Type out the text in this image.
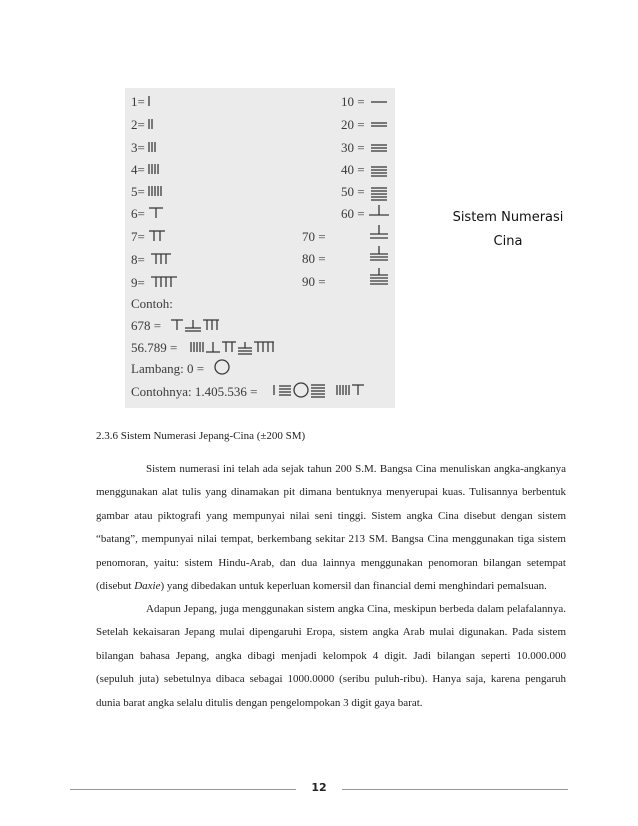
1=
2=
3=
4=
5=
6=
7=
8=
9=
10 =
20 =
30 =
40 =
50 =
60 =
70 =
80 =
90 =
Contoh:
678 =
56.789 =
Lambang: 0 =
Contohnya: 1.405.536 =
Sistem Numerasi
Cina
2.3.6 Sistem Numerasi Jepang-Cina (±200 SM)

Sistem numerasi ini telah ada sejak tahun 200 S.M. Bangsa Cina menuliskan angka-angkanya menggunakan alat tulis yang dinamakan pit dimana bentuknya menyerupai kuas. Tulisannya berbentuk gambar atau piktografi yang mempunyai nilai seni tinggi. Sistem angka Cina disebut dengan sistem “batang”, mempunyai nilai tempat, berkembang sekitar 213 SM. Bangsa Cina menggunakan tiga sistem penomoran, yaitu: sistem Hindu-Arab, dan dua lainnya menggunakan penomoran bilangan setempat (disebut Daxie) yang dibedakan untuk keperluan komersil dan financial demi menghindari pemalsuan.

Adapun Jepang, juga menggunakan sistem angka Cina, meskipun berbeda dalam pelafalannya. Setelah kekaisaran Jepang mulai dipengaruhi Eropa, sistem angka Arab mulai digunakan. Pada sistem bilangan bahasa Jepang, angka dibagi menjadi kelompok 4 digit. Jadi bilangan seperti 10.000.000 (sepuluh juta) sebetulnya dibaca sebagai 1000.0000 (seribu puluh-ribu). Hanya saja, karena pengaruh dunia barat angka selalu ditulis dengan pengelompokan 3 digit gaya barat.

12
